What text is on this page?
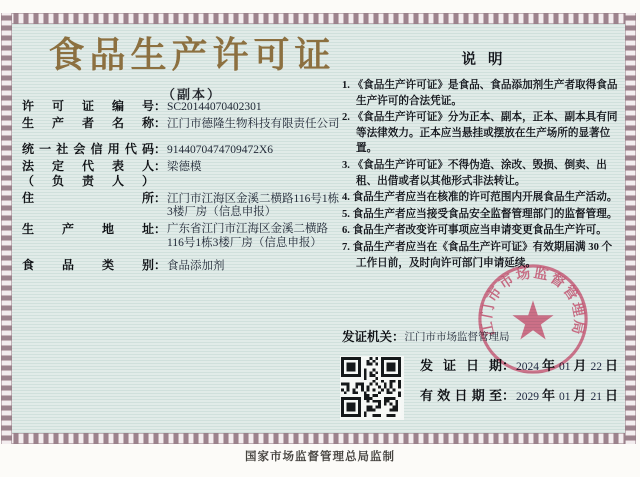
食品生产许可证
（副本）
许可证编号 ： SC20144070402301
生产者名称 ： 江门市德隆生物科技有限责任公司
统一社会信用代码 ： 9144070474709472X6
法定代表人
（负责人）
： 梁德模
住所 ： 江门市江海区金溪二横路116号1栋3楼厂房（信息申报）
生产地址 ： 广东省江门市江海区金溪二横路116号1栋3楼厂房（信息申报）
食品类别 ： 食品添加剂
说明
1. 《食品生产许可证》是食品、食品添加剂生产者取得食品生产许可的合法凭证。
2. 《食品生产许可证》分为正本、副本，正本、副本具有同等法律效力。正本应当悬挂或摆放在生产场所的显著位置。
3. 《食品生产许可证》不得伪造、涂改、毁损、倒卖、出租、出借或者以其他形式非法转让。
4. 食品生产者应当在核准的许可范围内开展食品生产活动。
5. 食品生产者应当接受食品安全监督管理部门的监督管理。
6. 食品生产者改变许可事项应当申请变更食品生产许可。
7. 食品生产者应当在《食品生产许可证》有效期届满 30 个工作日前，及时向许可部门申请延续。
发证机关 ： 江门市市场监督管理局
发证日期 ： 2024 年 01 月 22 日
有效日期至 ： 2029 年 01 月 21 日
江门市市场监督管理局
国家市场监督管理总局监制
